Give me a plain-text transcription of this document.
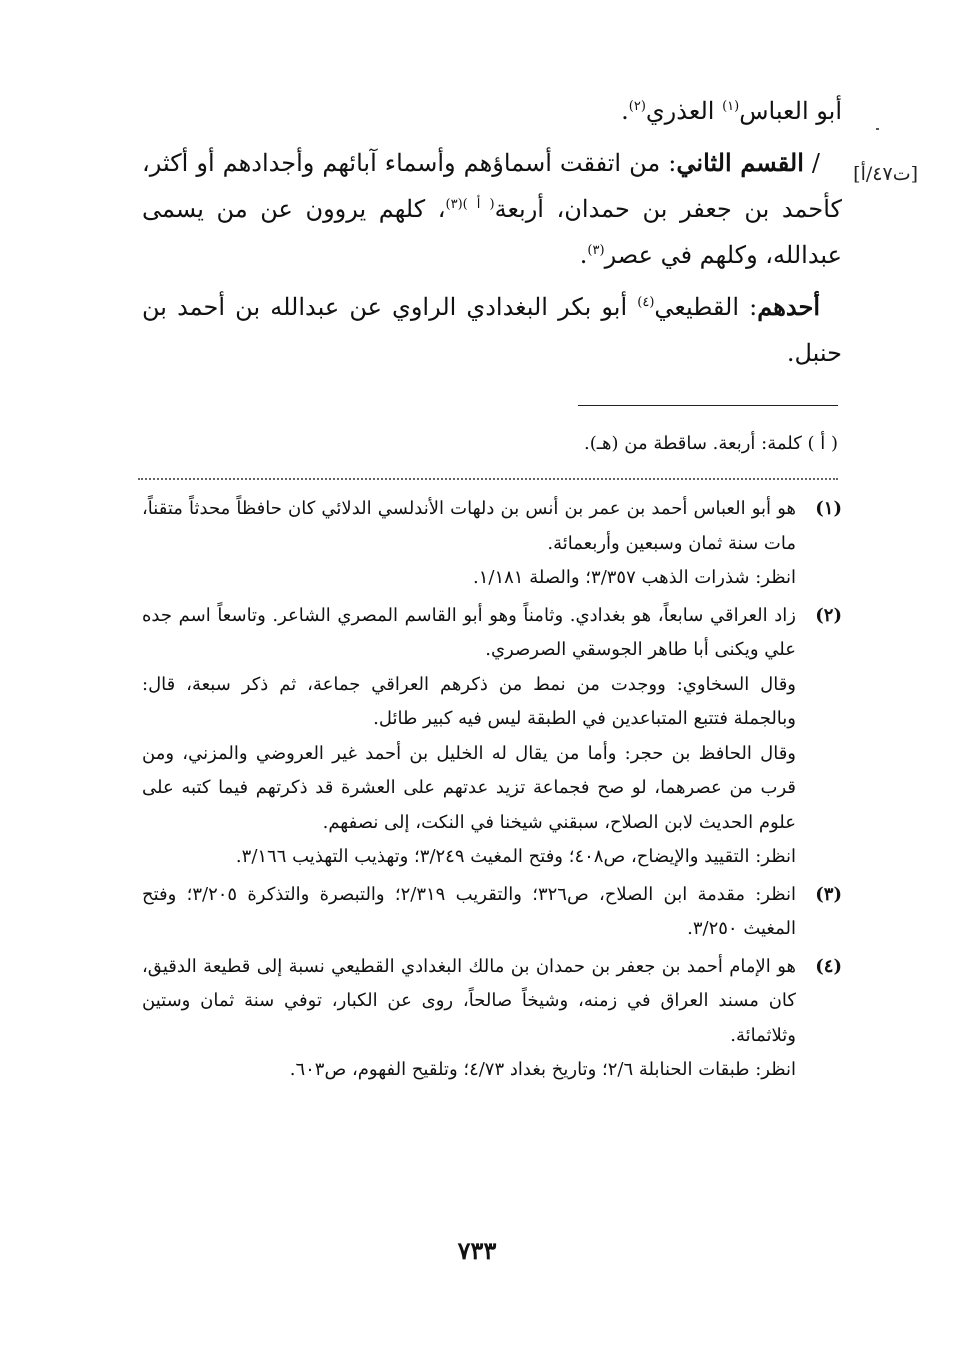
[ت٤٧/أ]

أبو العباس$^{(١)}$ العذري$^{(٢)}$.

/ القسم الثاني: من اتفقت أسماؤهم وأسماء آبائهم وأجدادهم أو أكثر، كأحمد بن جعفر بن حمدان، أربعة$^{( أ )(٣)}$، كلهم يروون عن من يسمى عبدالله، وكلهم في عصر$^{(٣)}$.

أحدهم: القطيعي$^{(٤)}$ أبو بكر البغدادي الراوي عن عبدالله بن أحمد بن حنبل.

( أ ) كلمة: أربعة. ساقطة من (هـ).
(١)
هو أبو العباس أحمد بن عمر بن أنس بن دلهات الأندلسي الدلائي كان حافظاً محدثاً متقناً، مات سنة ثمان وسبعين وأربعمائة.
انظر: شذرات الذهب ٣/٣٥٧؛ والصلة ١/١٨١.
(٢)
زاد العراقي سابعاً، هو بغدادي. وثامناً وهو أبو القاسم المصري الشاعر. وتاسعاً اسم جده علي ويكنى أبا طاهر الجوسقي الصرصري.
وقال السخاوي: ووجدت من نمط من ذكرهم العراقي جماعة، ثم ذكر سبعة، قال: وبالجملة فتتبع المتباعدين في الطبقة ليس فيه كبير طائل.
وقال الحافظ بن حجر: وأما من يقال له الخليل بن أحمد غير العروضي والمزني، ومن قرب من عصرهما، لو صح فجماعة تزيد عدتهم على العشرة قد ذكرتهم فيما كتبه على علوم الحديث لابن الصلاح، سبقني شيخنا في النكت، إلى نصفهم.
انظر: التقييد والإيضاح، ص٤٠٨؛ وفتح المغيث ٣/٢٤٩؛ وتهذيب التهذيب ٣/١٦٦.
(٣)
انظر: مقدمة ابن الصلاح، ص٣٢٦؛ والتقريب ٢/٣١٩؛ والتبصرة والتذكرة ٣/٢٠٥؛ وفتح المغيث ٣/٢٥٠.
(٤)
هو الإمام أحمد بن جعفر بن حمدان بن مالك البغدادي القطيعي نسبة إلى قطيعة الدقيق، كان مسند العراق في زمنه، وشيخاً صالحاً، روى عن الكبار، توفي سنة ثمان وستين وثلاثمائة.
انظر: طبقات الحنابلة ٢/٦؛ وتاريخ بغداد ٤/٧٣؛ وتلقيح الفهوم، ص٦٠٣.
٧٣٣
